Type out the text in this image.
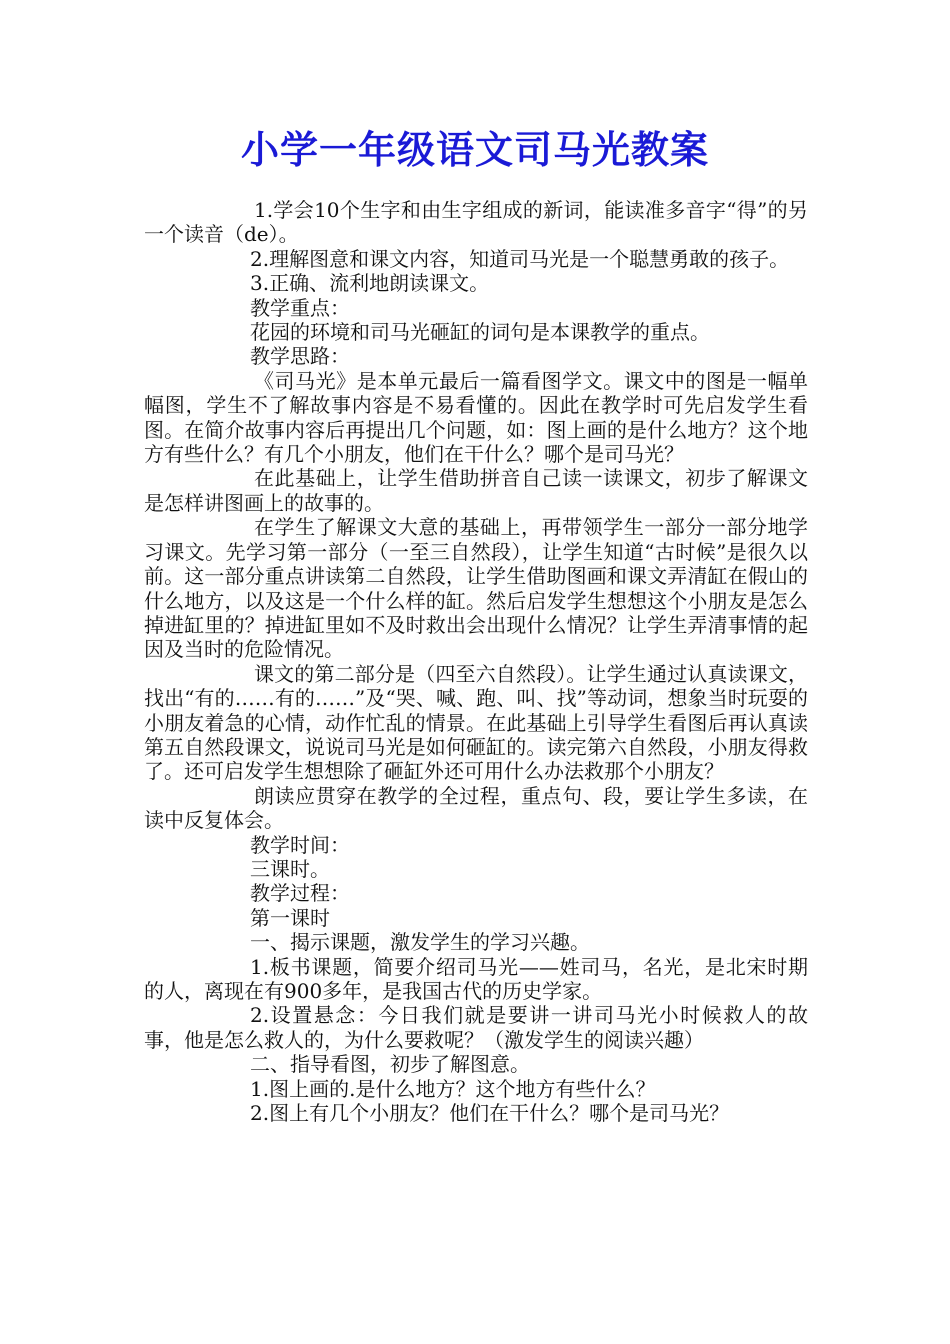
小学一年级语文司马光教案

1.学会10个生字和由生字组成的新词，能读准多音字“得”的另一个读音（de）。

2.理解图意和课文内容，知道司马光是一个聪慧勇敢的孩子。

3.正确、流利地朗读课文。

教学重点：

花园的环境和司马光砸缸的词句是本课教学的重点。

教学思路：

《司马光》是本单元最后一篇看图学文。课文中的图是一幅单幅图，学生不了解故事内容是不易看懂的。因此在教学时可先启发学生看图。在简介故事内容后再提出几个问题，如：图上画的是什么地方？这个地方有些什么？有几个小朋友，他们在干什么？哪个是司马光？

在此基础上，让学生借助拼音自己读一读课文，初步了解课文是怎样讲图画上的故事的。

在学生了解课文大意的基础上，再带领学生一部分一部分地学习课文。先学习第一部分（一至三自然段），让学生知道“古时候”是很久以前。这一部分重点讲读第二自然段，让学生借助图画和课文弄清缸在假山的什么地方，以及这是一个什么样的缸。然后启发学生想想这个小朋友是怎么掉进缸里的？掉进缸里如不及时救出会出现什么情况？让学生弄清事情的起因及当时的危险情况。

课文的第二部分是（四至六自然段）。让学生通过认真读课文，找出“有的……有的……”及“哭、喊、跑、叫、找”等动词，想象当时玩耍的小朋友着急的心情，动作忙乱的情景。在此基础上引导学生看图后再认真读第五自然段课文，说说司马光是如何砸缸的。读完第六自然段，小朋友得救了。还可启发学生想想除了砸缸外还可用什么办法救那个小朋友？

朗读应贯穿在教学的全过程，重点句、段，要让学生多读，在读中反复体会。

教学时间：

三课时。

教学过程：

第一课时

一、揭示课题，激发学生的学习兴趣。

1.板书课题，简要介绍司马光——姓司马，名光，是北宋时期的人，离现在有900多年，是我国古代的历史学家。

2.设置悬念：今日我们就是要讲一讲司马光小时候救人的故事，他是怎么救人的，为什么要救呢？（激发学生的阅读兴趣）

二、指导看图，初步了解图意。

1.图上画的.是什么地方？这个地方有些什么？

2.图上有几个小朋友？他们在干什么？哪个是司马光？
